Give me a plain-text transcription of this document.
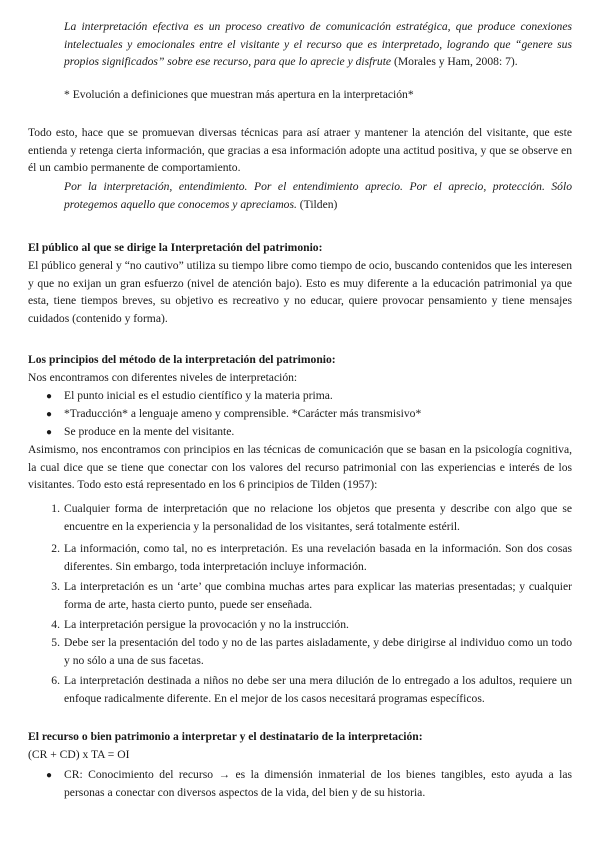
La interpretación efectiva es un proceso creativo de comunicación estratégica, que produce conexiones intelectuales y emocionales entre el visitante y el recurso que es interpretado, logrando que “genere sus propios significados” sobre ese recurso, para que lo aprecie y disfrute (Morales y Ham, 2008: 7).

* Evolución a definiciones que muestran más apertura en la interpretación*

Todo esto, hace que se promuevan diversas técnicas para así atraer y mantener la atención del visitante, que este entienda y retenga cierta información, que gracias a esa información adopte una actitud positiva, y que se observe en él un cambio permanente de comportamiento.

Por la interpretación, entendimiento. Por el entendimiento aprecio. Por el aprecio, protección. Sólo protegemos aquello que conocemos y apreciamos. (Tilden)

El público al que se dirige la Interpretación del patrimonio:

El público general y “no cautivo” utiliza su tiempo libre como tiempo de ocio, buscando contenidos que les interesen y que no exijan un gran esfuerzo (nivel de atención bajo). Esto es muy diferente a la educación patrimonial ya que esta, tiene tiempos breves, su objetivo es recreativo y no educar, quiere provocar pensamiento y tiene mensajes cuidados (contenido y forma).

Los principios del método de la interpretación del patrimonio:

Nos encontramos con diferentes niveles de interpretación:

● El punto inicial es el estudio científico y la materia prima.

● *Traducción* a lenguaje ameno y comprensible. *Carácter más transmisivo*

● Se produce en la mente del visitante.

Asimismo, nos encontramos con principios en las técnicas de comunicación que se basan en la psicología cognitiva, la cual dice que se tiene que conectar con los valores del recurso patrimonial con las experiencias e interés de los visitantes. Todo esto está representado en los 6 principios de Tilden (1957):

1. Cualquier forma de interpretación que no relacione los objetos que presenta y describe con algo que se encuentre en la experiencia y la personalidad de los visitantes, será totalmente estéril.

2. La información, como tal, no es interpretación. Es una revelación basada en la información. Son dos cosas diferentes. Sin embargo, toda interpretación incluye información.

3. La interpretación es un ‘arte’ que combina muchas artes para explicar las materias presentadas; y cualquier forma de arte, hasta cierto punto, puede ser enseñada.

4. La interpretación persigue la provocación y no la instrucción.

5. Debe ser la presentación del todo y no de las partes aisladamente, y debe dirigirse al individuo como un todo y no sólo a una de sus facetas.

6. La interpretación destinada a niños no debe ser una mera dilución de lo entregado a los adultos, requiere un enfoque radicalmente diferente. En el mejor de los casos necesitará programas específicos.

El recurso o bien patrimonio a interpretar y el destinatario de la interpretación:

(CR + CD) x TA = OI

● CR: Conocimiento del recurso → es la dimensión inmaterial de los bienes tangibles, esto ayuda a las personas a conectar con diversos aspectos de la vida, del bien y de su historia.
